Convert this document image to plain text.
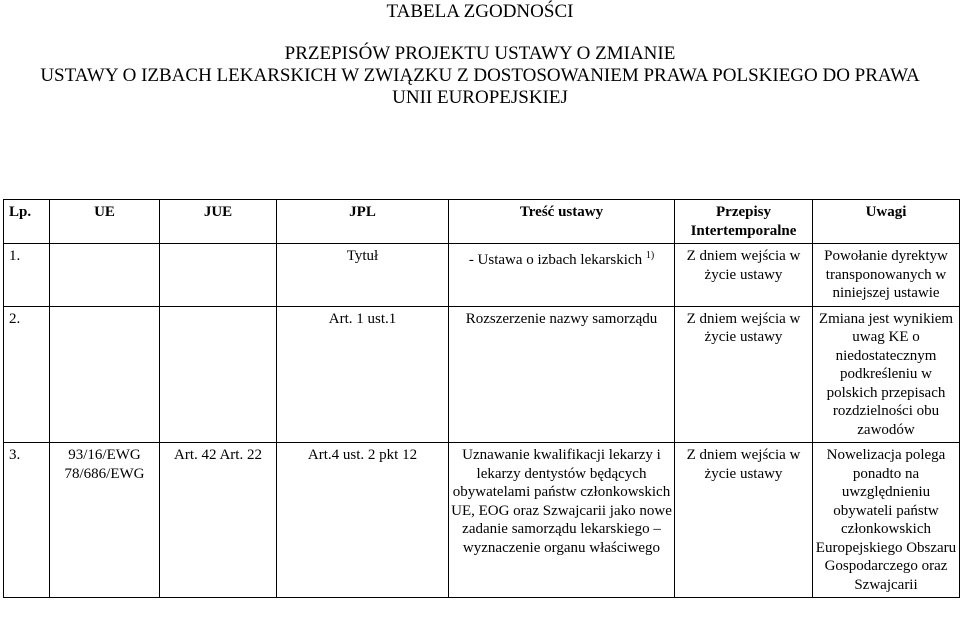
TABELA ZGODNOŚCI
PRZEPISÓW PROJEKTU USTAWY O ZMIANIE
USTAWY O IZBACH LEKARSKICH W ZWIĄZKU Z DOSTOSOWANIEM PRAWA POLSKIEGO DO PRAWA
UNII EUROPEJSKIEJ
Lp.	UE	JUE	JPL	Treść ustawy	Przepisy Intertemporalne	Uwagi
1.			Tytuł	- Ustawa o izbach lekarskich $^{1)}$	Z dniem wejścia w życie ustawy	Powołanie dyrektyw transponowanych w niniejszej ustawie
2.			Art. 1 ust.1	Rozszerzenie nazwy samorządu	Z dniem wejścia w życie ustawy	Zmiana jest wynikiem uwag KE o niedostatecznym podkreśleniu w polskich przepisach rozdzielności obu zawodów
3.	93/16/EWG 78/686/EWG	Art. 42 Art. 22	Art.4 ust. 2 pkt 12	Uznawanie kwalifikacji lekarzy i lekarzy dentystów będących obywatelami państw członkowskich UE, EOG oraz Szwajcarii jako nowe zadanie samorządu lekarskiego – wyznaczenie organu właściwego	Z dniem wejścia w życie ustawy	Nowelizacja polega ponadto na uwzględnieniu obywateli państw członkowskich Europejskiego Obszaru Gospodarczego oraz Szwajcarii
